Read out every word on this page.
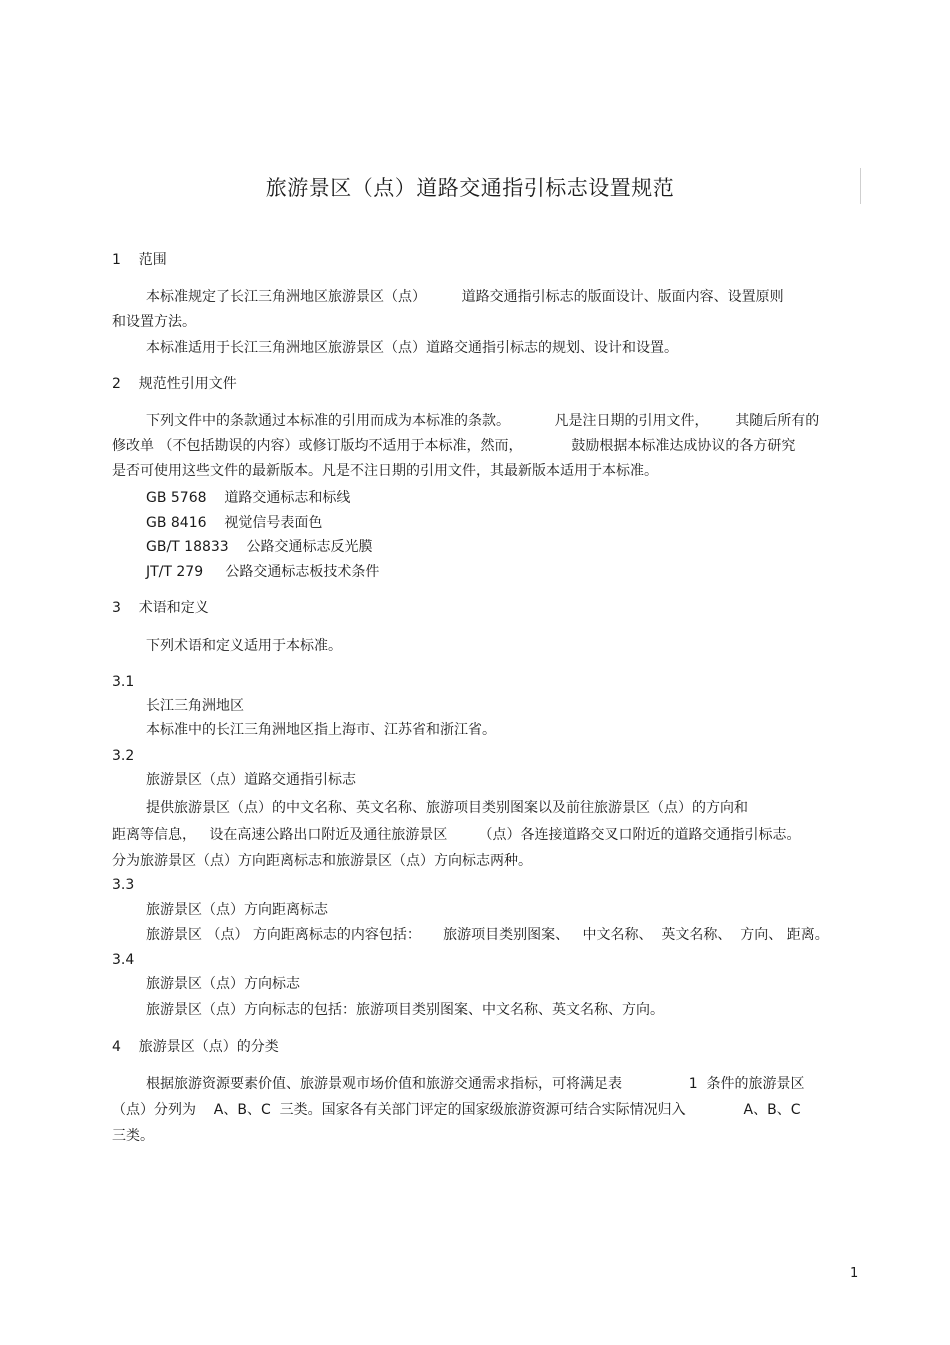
旅游景区（点）道路交通指引标志设置规范
1    范围
本标准规定了长江三角洲地区旅游景区（点）        道路交通指引标志的版面设计、版面内容、设置原则
和设置方法。
本标准适用于长江三角洲地区旅游景区（点）道路交通指引标志的规划、设计和设置。
2    规范性引用文件
下列文件中的条款通过本标准的引用而成为本标准的条款。          凡是注日期的引用文件，      其随后所有的
修改单 （不包括勘误的内容）或修订版均不适用于本标准，然而，           鼓励根据本标准达成协议的各方研究
是否可使用这些文件的最新版本。凡是不注日期的引用文件，其最新版本适用于本标准。
GB 5768    道路交通标志和标线
GB 8416    视觉信号表面色
GB/T 18833    公路交通标志反光膜
JT/T 279     公路交通标志板技术条件
3    术语和定义
下列术语和定义适用于本标准。
3.1
长江三角洲地区
本标准中的长江三角洲地区指上海市、江苏省和浙江省。
3.2
旅游景区（点）道路交通指引标志
提供旅游景区（点）的中文名称、英文名称、旅游项目类别图案以及前往旅游景区（点）的方向和
距离等信息，   设在高速公路出口附近及通往旅游景区       （点）各连接道路交叉口附近的道路交通指引标志。
分为旅游景区（点）方向距离标志和旅游景区（点）方向标志两种。
3.3
旅游景区（点）方向距离标志
旅游景区 （点） 方向距离标志的内容包括：     旅游项目类别图案、   中文名称、  英文名称、  方向、 距离。
3.4
旅游景区（点）方向标志
旅游景区（点）方向标志的包括：旅游项目类别图案、中文名称、英文名称、方向。
4    旅游景区（点）的分类
根据旅游资源要素价值、旅游景观市场价值和旅游交通需求指标，可将满足表               1  条件的旅游景区
（点）分列为    A、B、C  三类。国家各有关部门评定的国家级旅游资源可结合实际情况归入             A、B、C
三类。
1
